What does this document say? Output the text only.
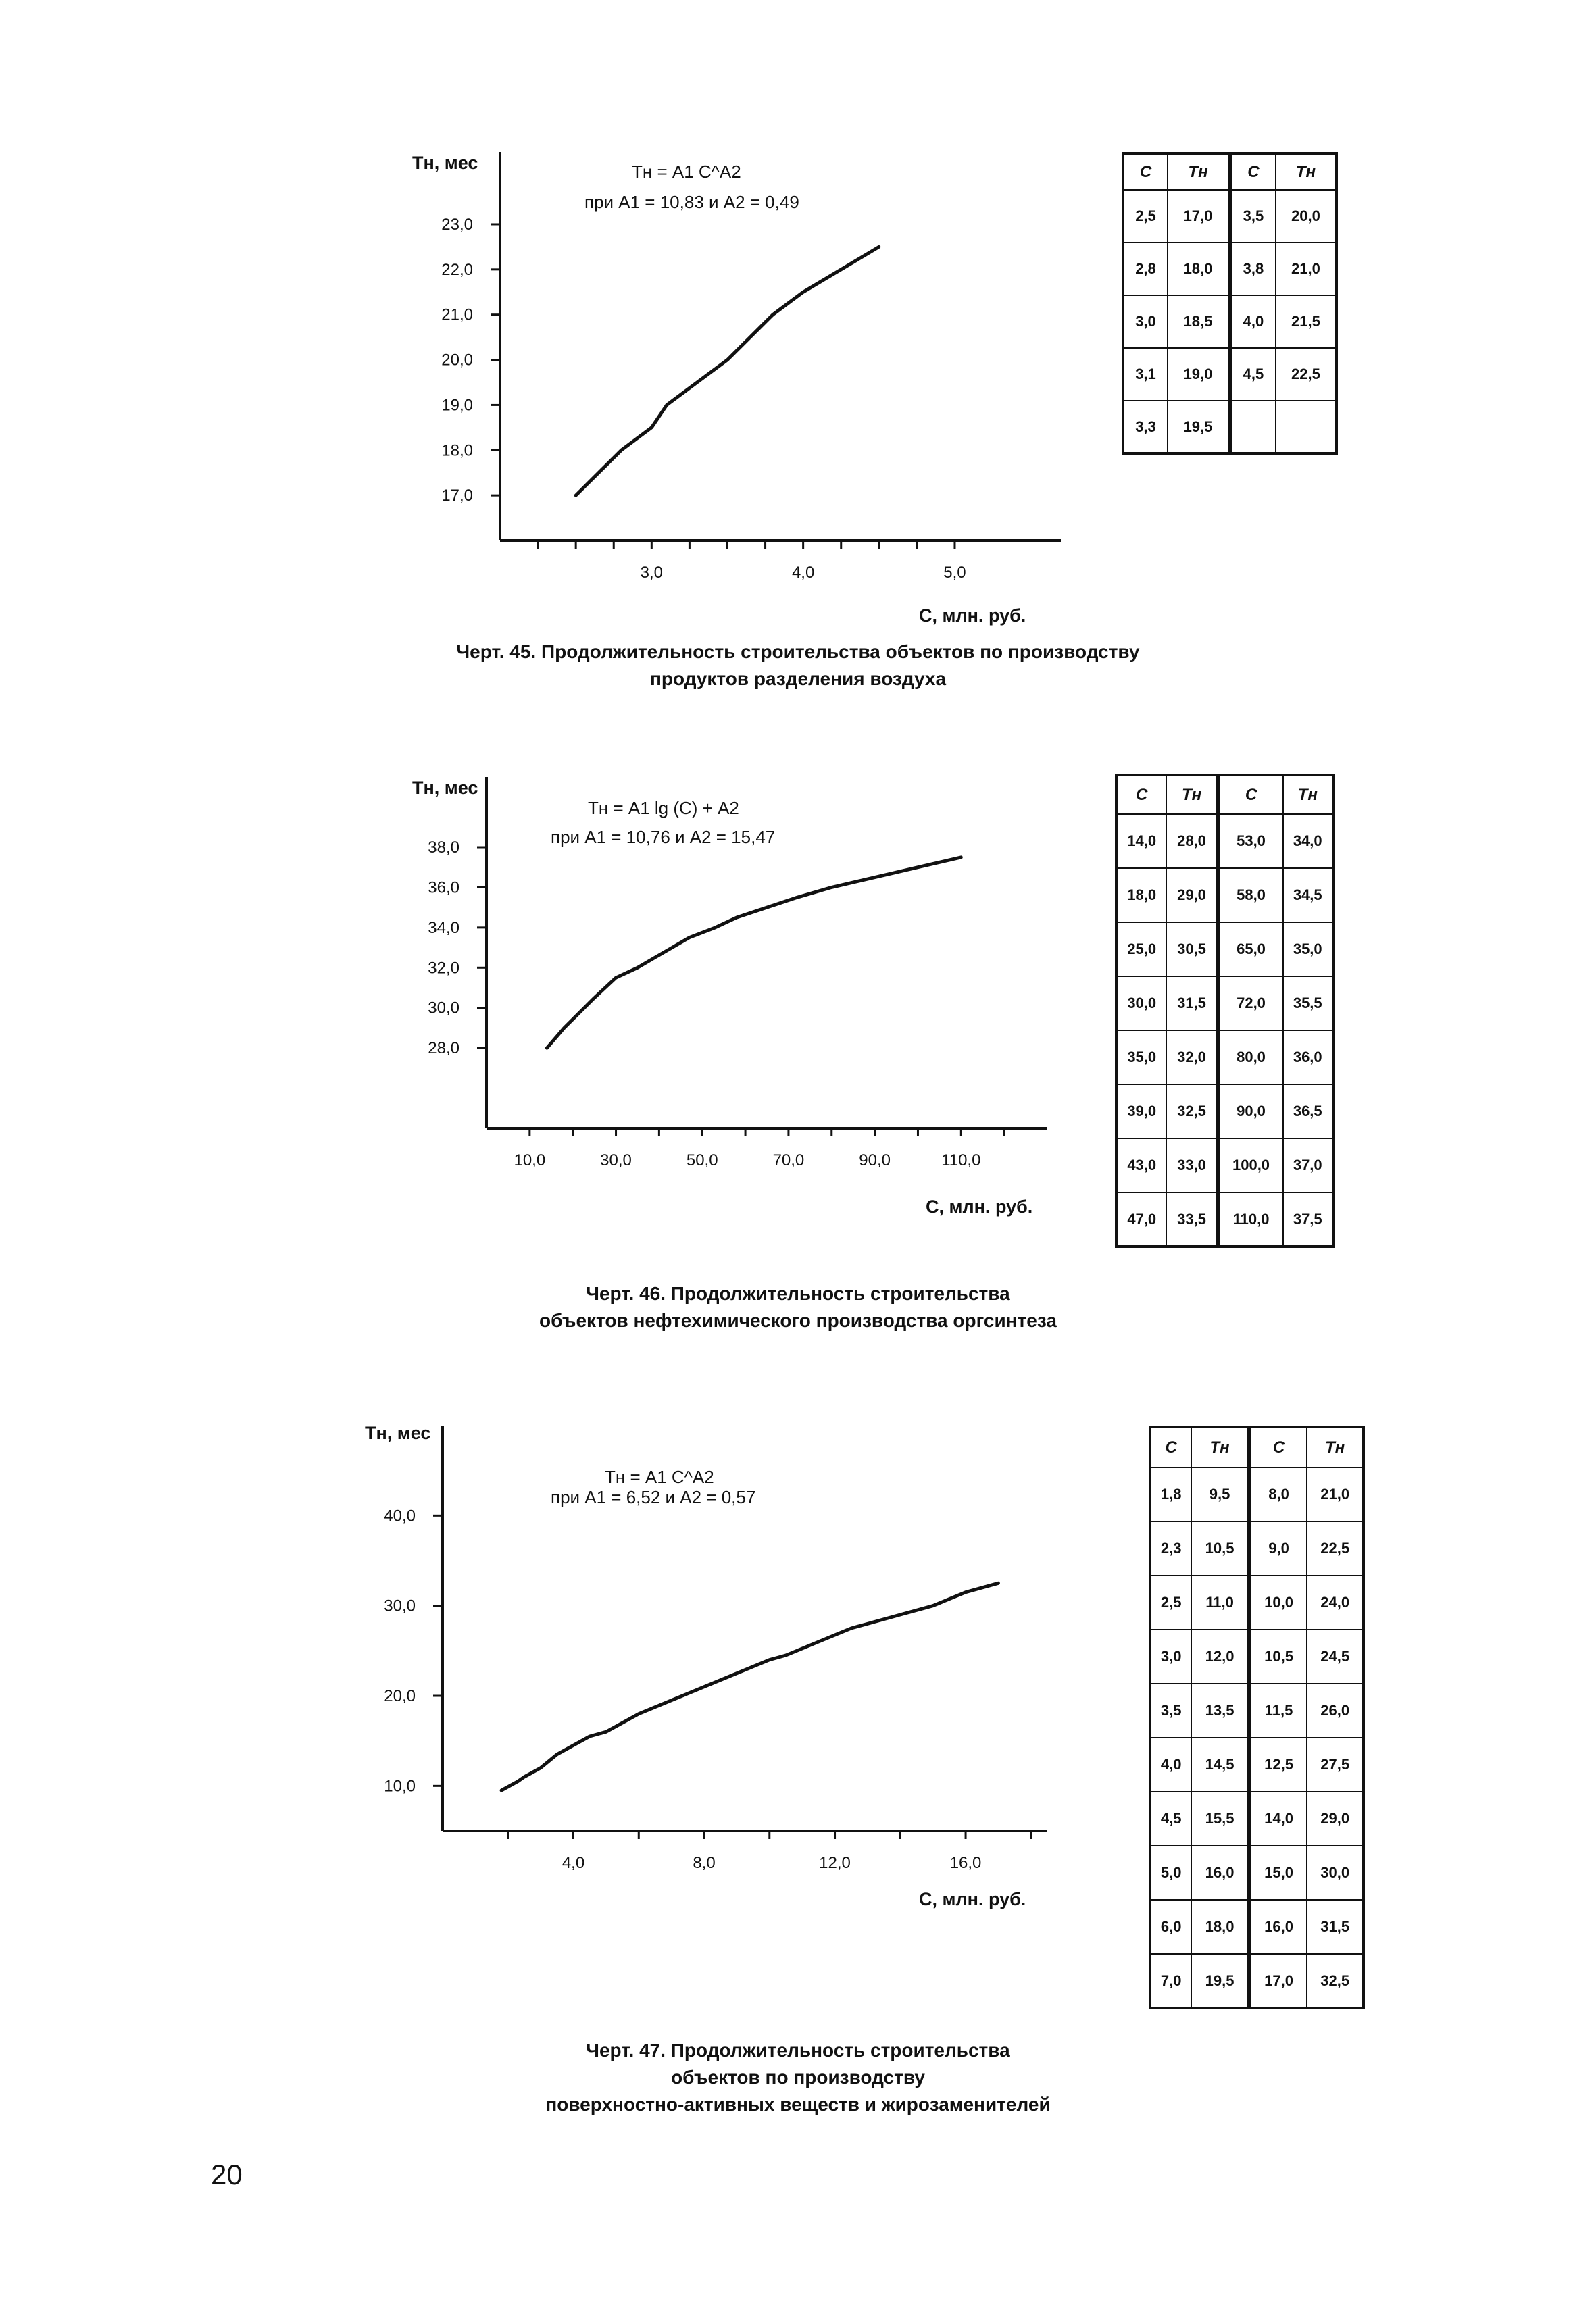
Тн, мес
С, млн. руб.
Тн = А1 С^А2
при А1 = 10,83 и А2 = 0,49
3,0	4,0	5,0
17,0
18,0
19,0
20,0
21,0
22,0
23,0
C	Тн	C	Тн
2,5	17,0	3,5	20,0
2,8	18,0	3,8	21,0
3,0	18,5	4,0	21,5
3,1	19,0	4,5	22,5
3,3	19,5		
Черт. 45. Продолжительность строительства объектов по производству
продуктов разделения воздуха
Тн, мес
С, млн. руб.
Тн = А1 lg (С) + А2
при А1 = 10,76 и А2 = 15,47
10,0	30,0	50,0	70,0	90,0	110,0
28,0
30,0
32,0
34,0
36,0
38,0
C	Тн	C	Тн
14,0	28,0	53,0	34,0
18,0	29,0	58,0	34,5
25,0	30,5	65,0	35,0
30,0	31,5	72,0	35,5
35,0	32,0	80,0	36,0
39,0	32,5	90,0	36,5
43,0	33,0	100,0	37,0
47,0	33,5	110,0	37,5
Черт. 46. Продолжительность строительства
объектов нефтехимического производства оргсинтеза
Тн, мес
С, млн. руб.
Тн = А1 С^А2
при А1 = 6,52 и А2 = 0,57
4,0	8,0	12,0	16,0
10,0
20,0
30,0
40,0
C	Тн	C	Тн
1,8	9,5	8,0	21,0
2,3	10,5	9,0	22,5
2,5	11,0	10,0	24,0
3,0	12,0	10,5	24,5
3,5	13,5	11,5	26,0
4,0	14,5	12,5	27,5
4,5	15,5	14,0	29,0
5,0	16,0	15,0	30,0
6,0	18,0	16,0	31,5
7,0	19,5	17,0	32,5
Черт. 47. Продолжительность строительства
объектов по производству
поверхностно-активных веществ и жирозаменителей
20
